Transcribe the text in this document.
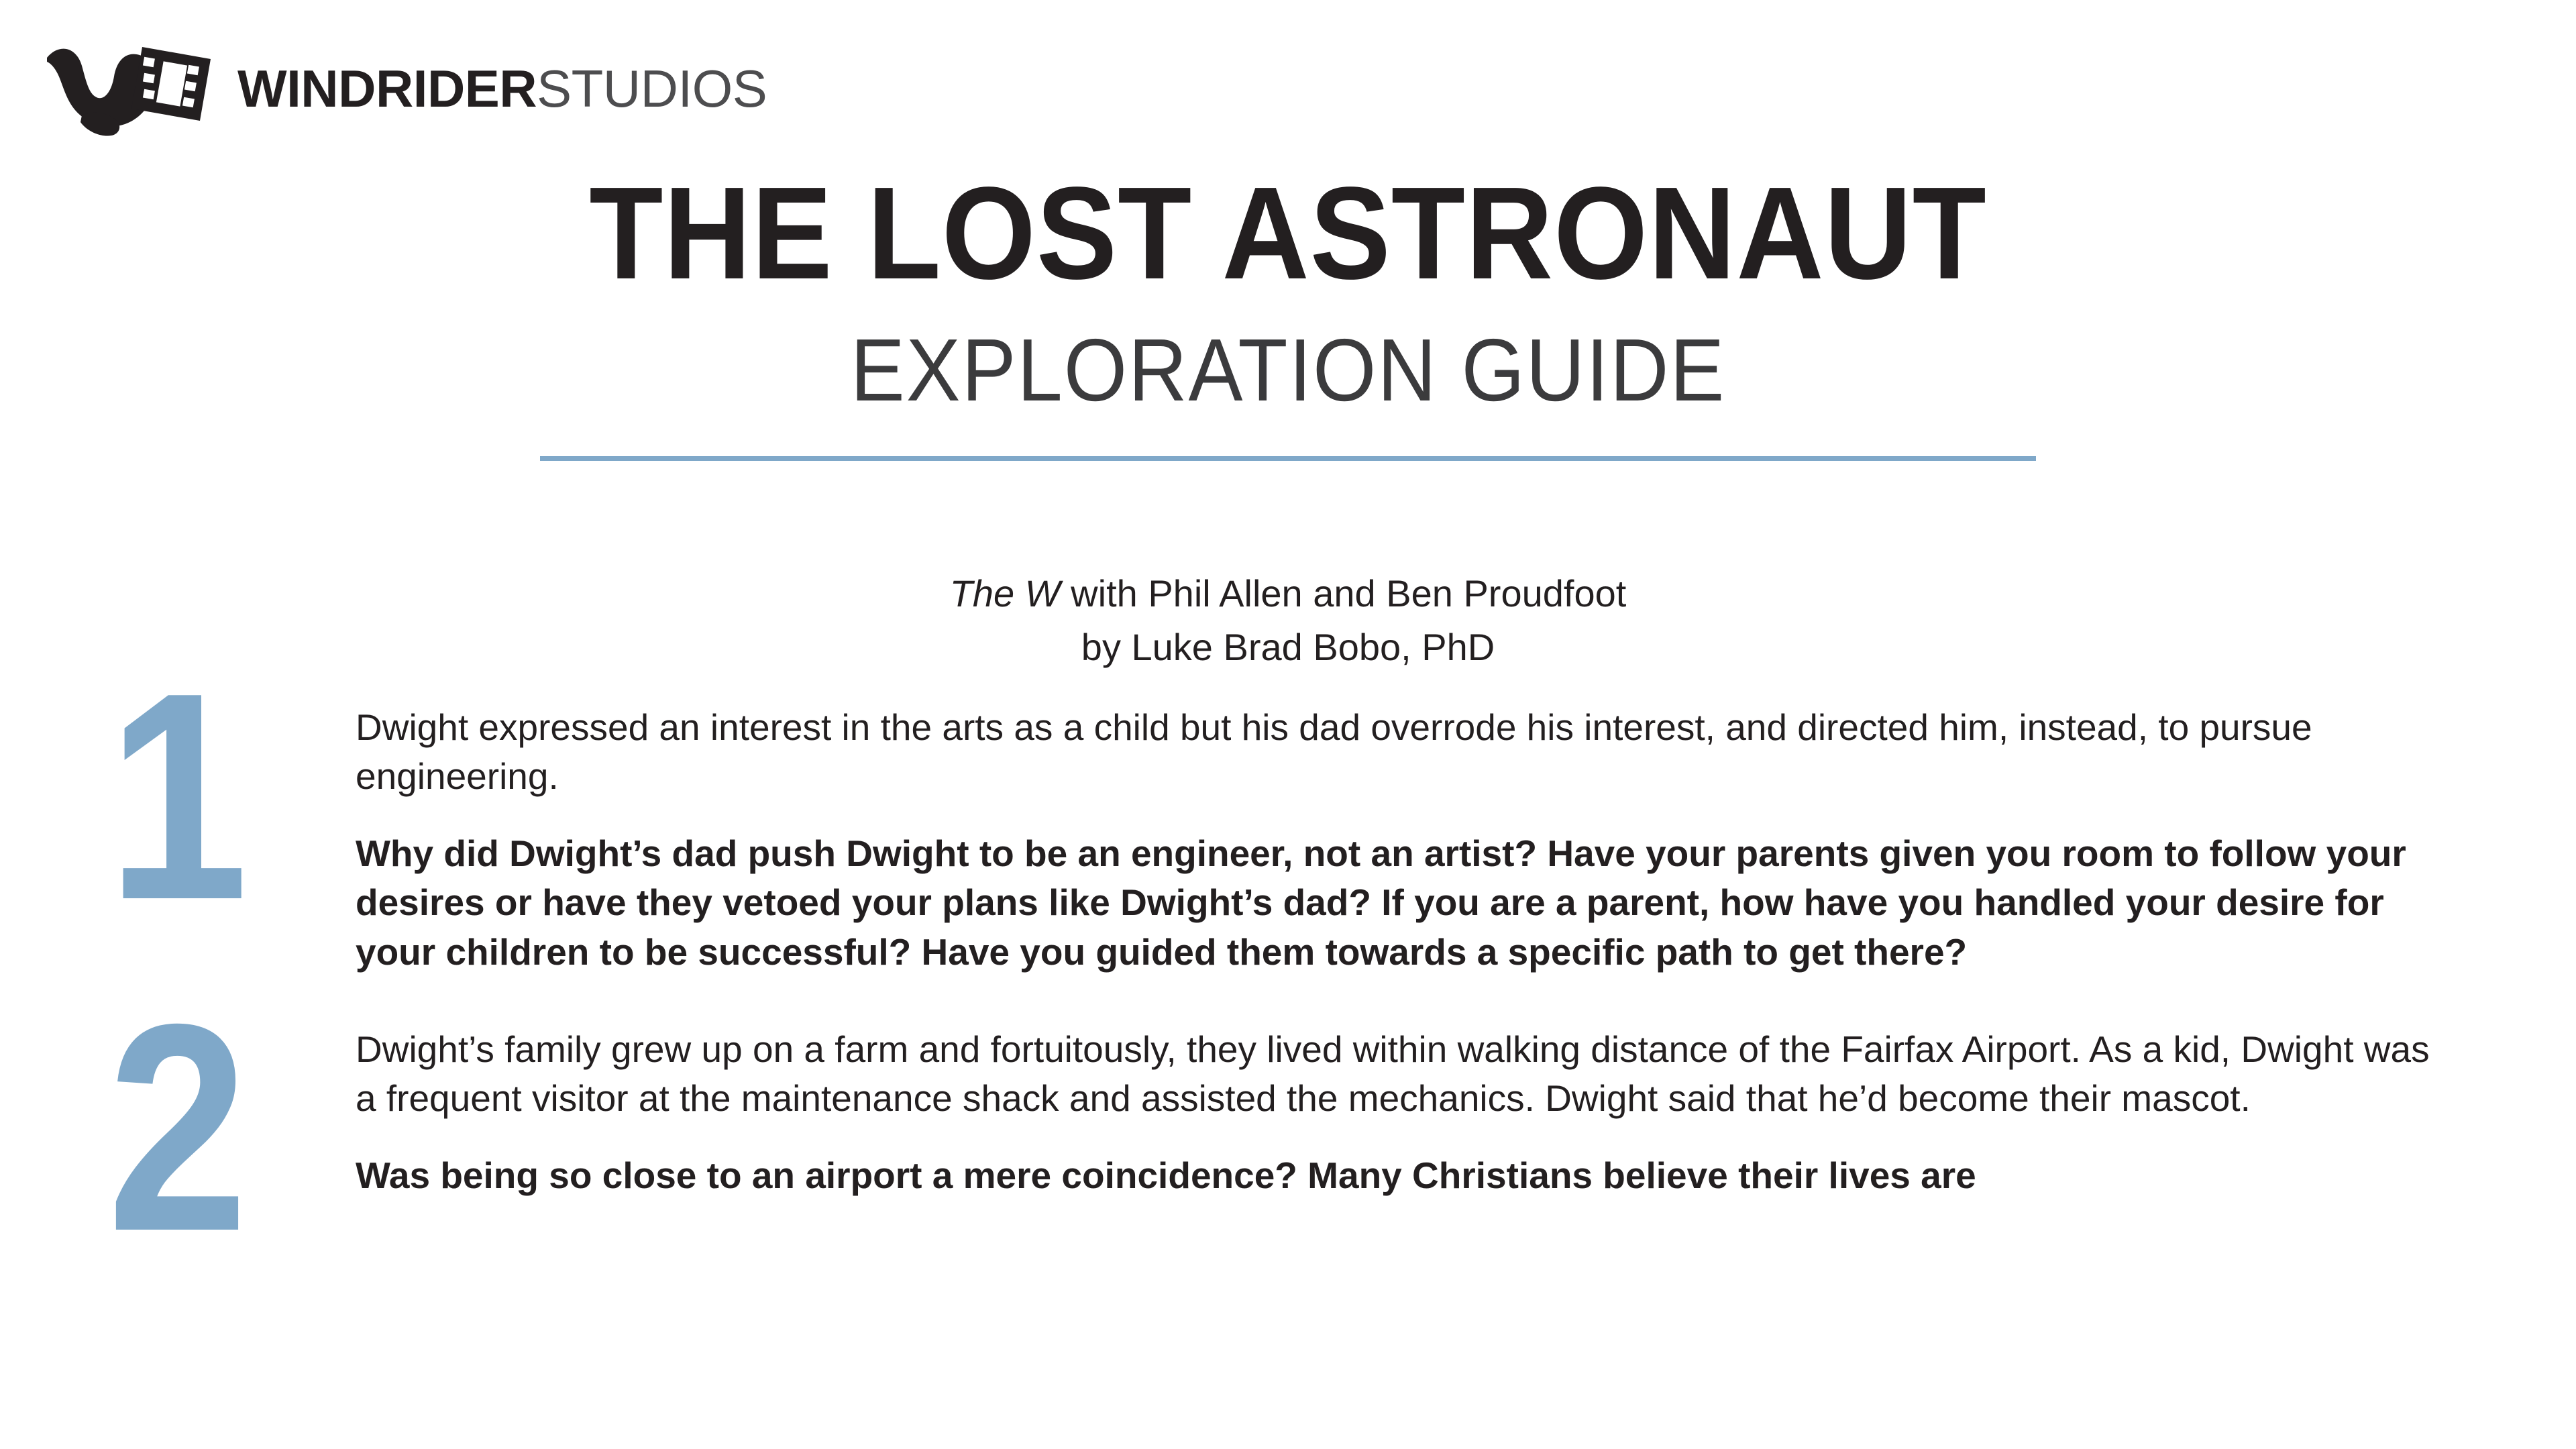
WINDRIDERSTUDIOS
THE LOST ASTRONAUT
EXPLORATION GUIDE
The W with Phil Allen and Ben Proudfoot
by Luke Brad Bobo, PhD
1	Dwight expressed an interest in the arts as a child but his dad overrode his interest, and directed him, instead, to pursue engineering.

Why did Dwight’s dad push Dwight to be an engineer, not an artist? Have your parents given you room to follow your desires or have they vetoed your plans like Dwight’s dad? If you are a parent, how have you handled your desire for your children to be successful? Have you guided them towards a specific path to get there?

2	Dwight’s family grew up on a farm and fortuitously, they lived within walking distance of the Fairfax Airport. As a kid, Dwight was a frequent visitor at the maintenance shack and assisted the mechanics. Dwight said that he’d become their mascot.

Was being so close to an airport a mere coincidence? Many Christians believe their lives are
